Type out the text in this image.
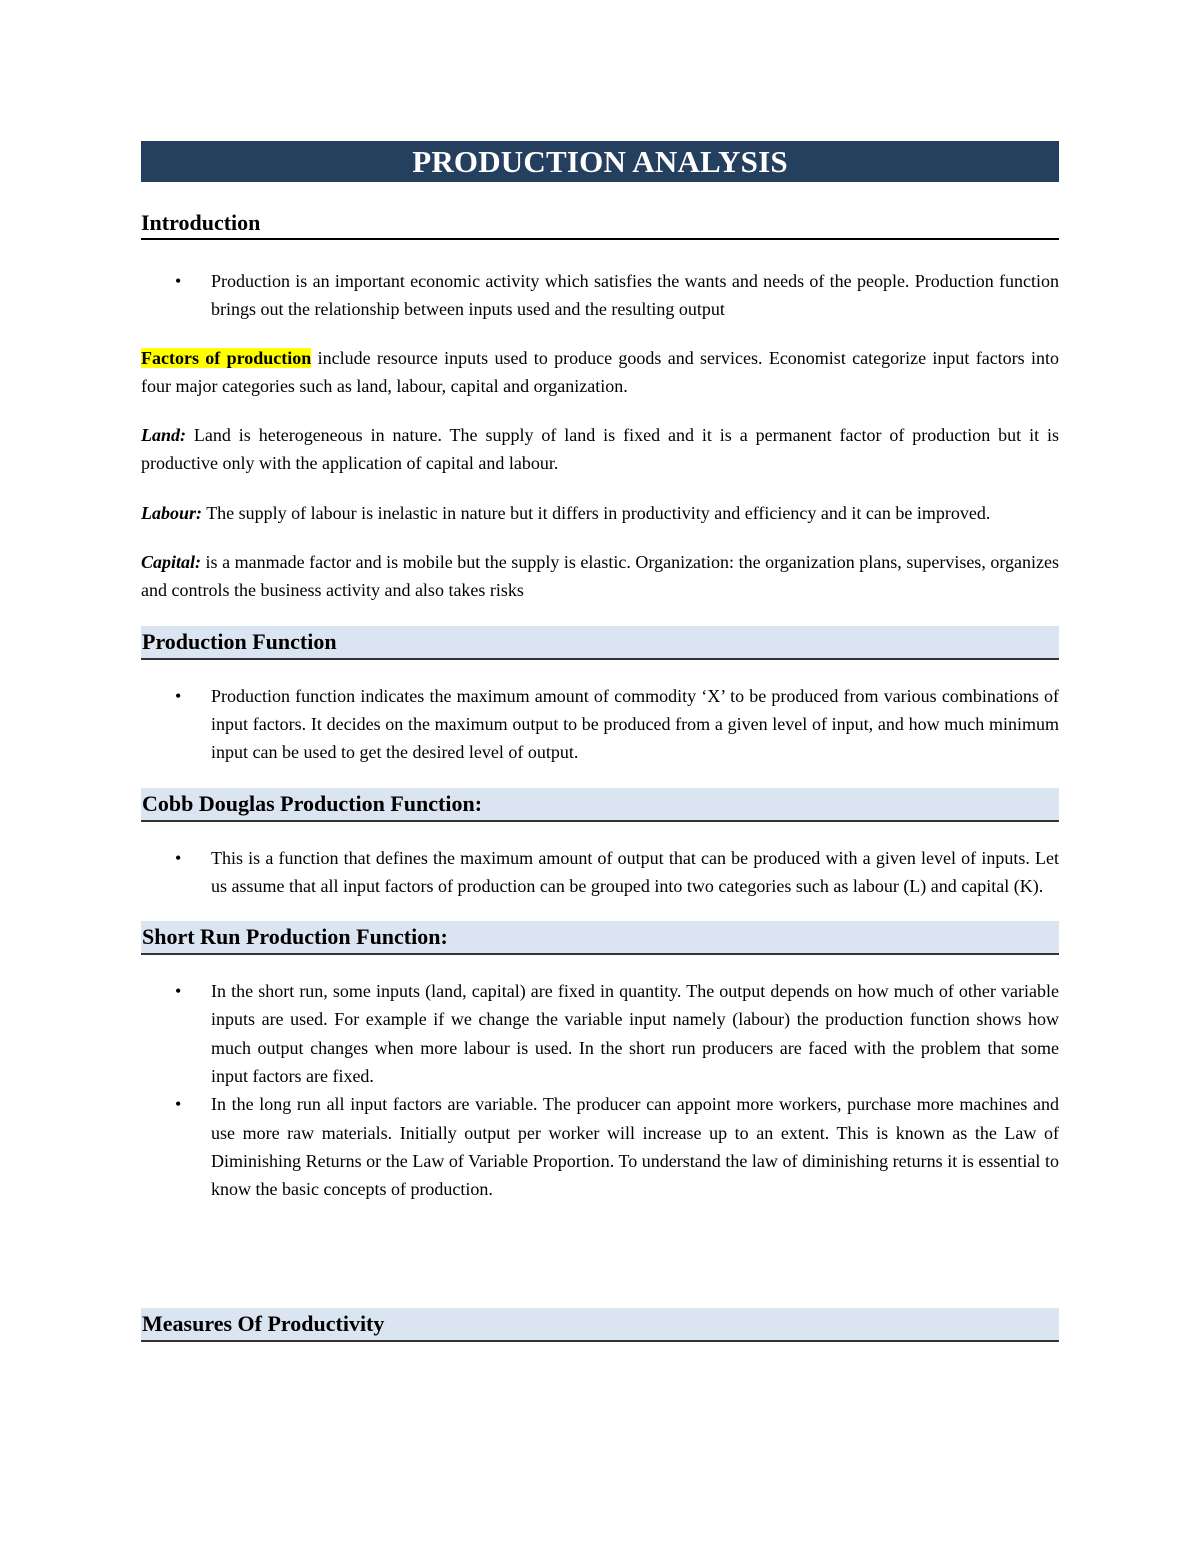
PRODUCTION ANALYSIS
Introduction
• Production is an important economic activity which satisfies the wants and needs of the people. Production function brings out the relationship between inputs used and the resulting output

Factors of production include resource inputs used to produce goods and services. Economist categorize input factors into four major categories such as land, labour, capital and organization.

Land: Land is heterogeneous in nature. The supply of land is fixed and it is a permanent factor of production but it is productive only with the application of capital and labour.

Labour: The supply of labour is inelastic in nature but it differs in productivity and efficiency and it can be improved.

Capital: is a manmade factor and is mobile but the supply is elastic. Organization: the organization plans, supervises, organizes and controls the business activity and also takes risks

Production Function
• Production function indicates the maximum amount of commodity ‘X’ to be produced from various combinations of input factors. It decides on the maximum output to be produced from a given level of input, and how much minimum input can be used to get the desired level of output.
Cobb Douglas Production Function:
• This is a function that defines the maximum amount of output that can be produced with a given level of inputs. Let us assume that all input factors of production can be grouped into two categories such as labour (L) and capital (K).
Short Run Production Function:
• In the short run, some inputs (land, capital) are fixed in quantity. The output depends on how much of other variable inputs are used. For example if we change the variable input namely (labour) the production function shows how much output changes when more labour is used. In the short run producers are faced with the problem that some input factors are fixed.
• In the long run all input factors are variable. The producer can appoint more workers, purchase more machines and use more raw materials. Initially output per worker will increase up to an extent. This is known as the Law of Diminishing Returns or the Law of Variable Proportion. To understand the law of diminishing returns it is essential to know the basic concepts of production.
Measures Of Productivity
